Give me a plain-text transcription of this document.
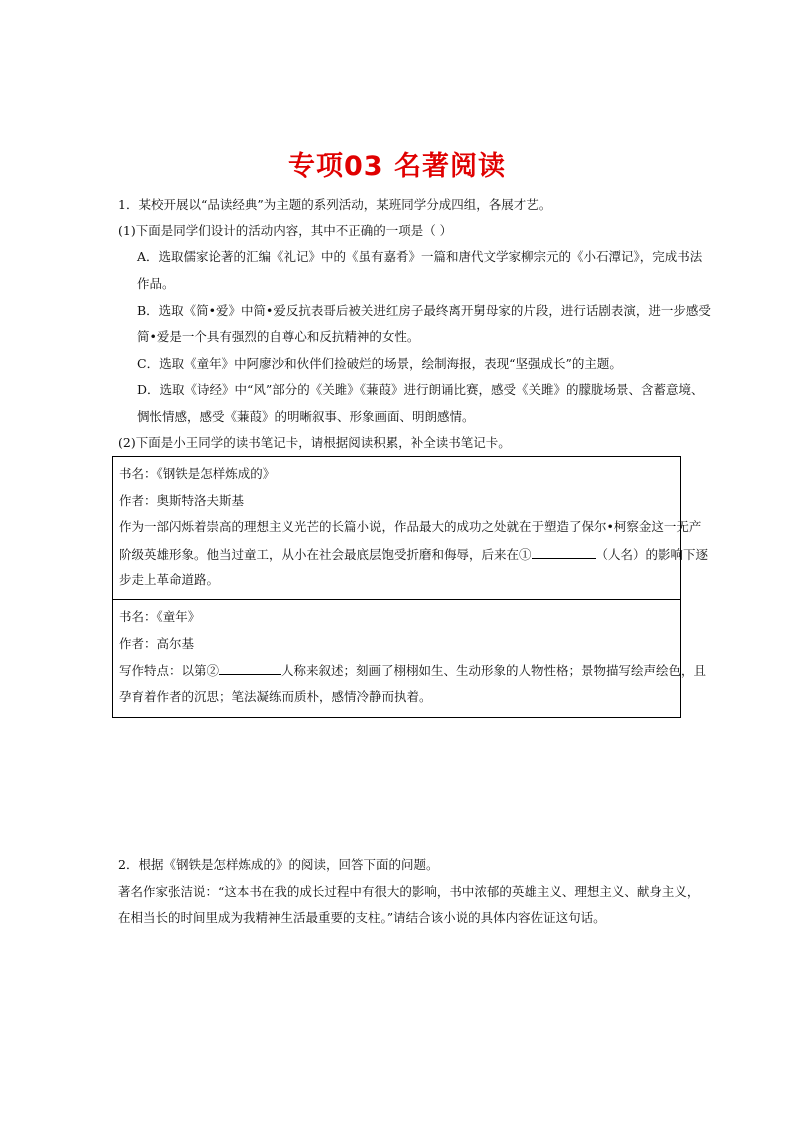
专项03 名著阅读
1．某校开展以“品读经典”为主题的系列活动，某班同学分成四组，各展才艺。
(1)下面是同学们设计的活动内容，其中不正确的一项是（ ）
A．选取儒家论著的汇编《礼记》中的《虽有嘉肴》一篇和唐代文学家柳宗元的《小石潭记》，完成书法
作品。
B．选取《简•爱》中简•爱反抗表哥后被关进红房子最终离开舅母家的片段，进行话剧表演，进一步感受
简•爱是一个具有强烈的自尊心和反抗精神的女性。
C．选取《童年》中阿廖沙和伙伴们捡破烂的场景，绘制海报，表现“坚强成长”的主题。
D．选取《诗经》中“风”部分的《关雎》《蒹葭》进行朗诵比赛，感受《关雎》的朦胧场景、含蓄意境、
惆怅情感，感受《蒹葭》的明晰叙事、形象画面、明朗感情。
(2)下面是小王同学的读书笔记卡，请根据阅读积累，补全读书笔记卡。
书名：《钢铁是怎样炼成的》
作者：奥斯特洛夫斯基
作为一部闪烁着崇高的理想主义光芒的长篇小说，作品最大的成功之处就在于塑造了保尔•柯察金这一无产
阶级英雄形象。他当过童工，从小在社会最底层饱受折磨和侮辱，后来在①	（人名）的影响下逐
步走上革命道路。
书名：《童年》
作者：高尔基
写作特点：以第②	人称来叙述；刻画了栩栩如生、生动形象的人物性格；景物描写绘声绘色，且
孕育着作者的沉思；笔法凝练而质朴，感情冷静而执着。
2．根据《钢铁是怎样炼成的》的阅读，回答下面的问题。
著名作家张洁说：“这本书在我的成长过程中有很大的影响，书中浓郁的英雄主义、理想主义、献身主义，
在相当长的时间里成为我精神生活最重要的支柱。”请结合该小说的具体内容佐证这句话。
